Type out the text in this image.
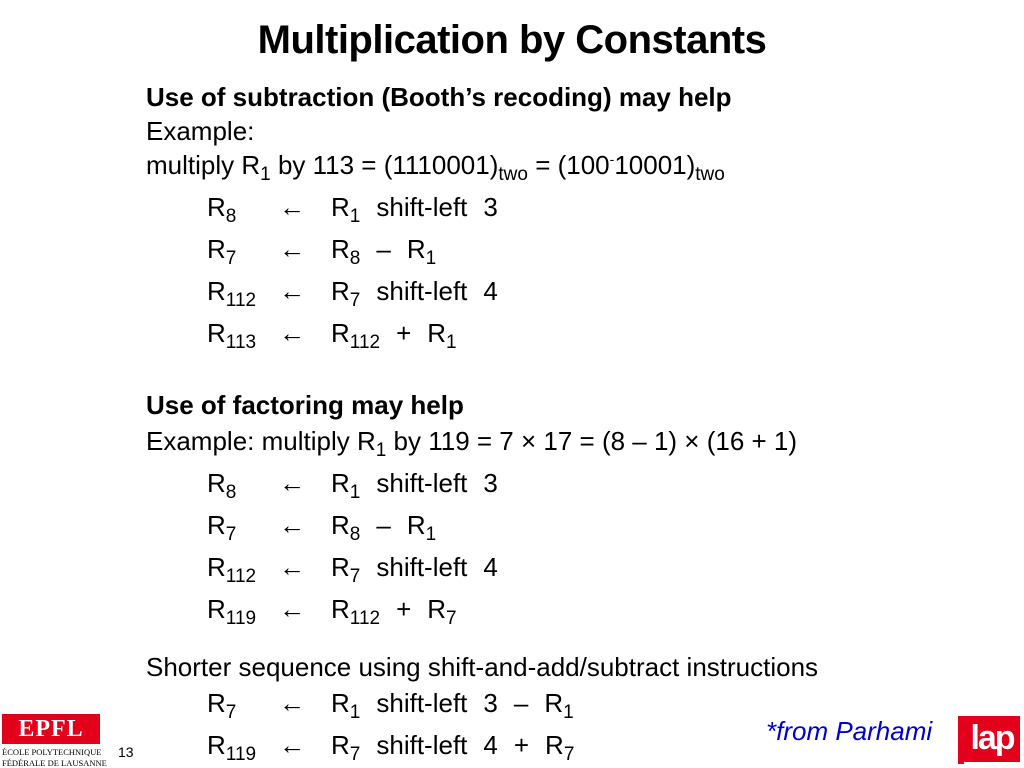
Multiplication by Constants
Use of subtraction (Booth’s recoding) may help
Example:
multiply $R_1$ by $113 = (1110001)_{two} = (100^-10001)_{two}$
$R_8$ ← $R_1$ shift-left 3
$R_7$ ← $R_8 - R_1$
$R_{112}$ ← $R_7$ shift-left 4
$R_{113}$ ← $R_{112} + R_1$
Use of factoring may help
Example: multiply $R_1$ by 119 = 7 × 17 = (8 – 1) × (16 + 1)
$R_8$ ← $R_1$ shift-left 3
$R_7$ ← $R_8 - R_1$
$R_{112}$ ← $R_7$ shift-left 4
$R_{119}$ ← $R_{112} + R_7$
Shorter sequence using shift-and-add/subtract instructions
$R_7$ ← $R_1$ shift-left $3 - R_1$
$R_{119}$ ← $R_7$ shift-left $4 + R_7$
*from Parhami
13
EPFL
ÉCOLE POLYTECHNIQUE
FÉDÉRALE DE LAUSANNE
lap
